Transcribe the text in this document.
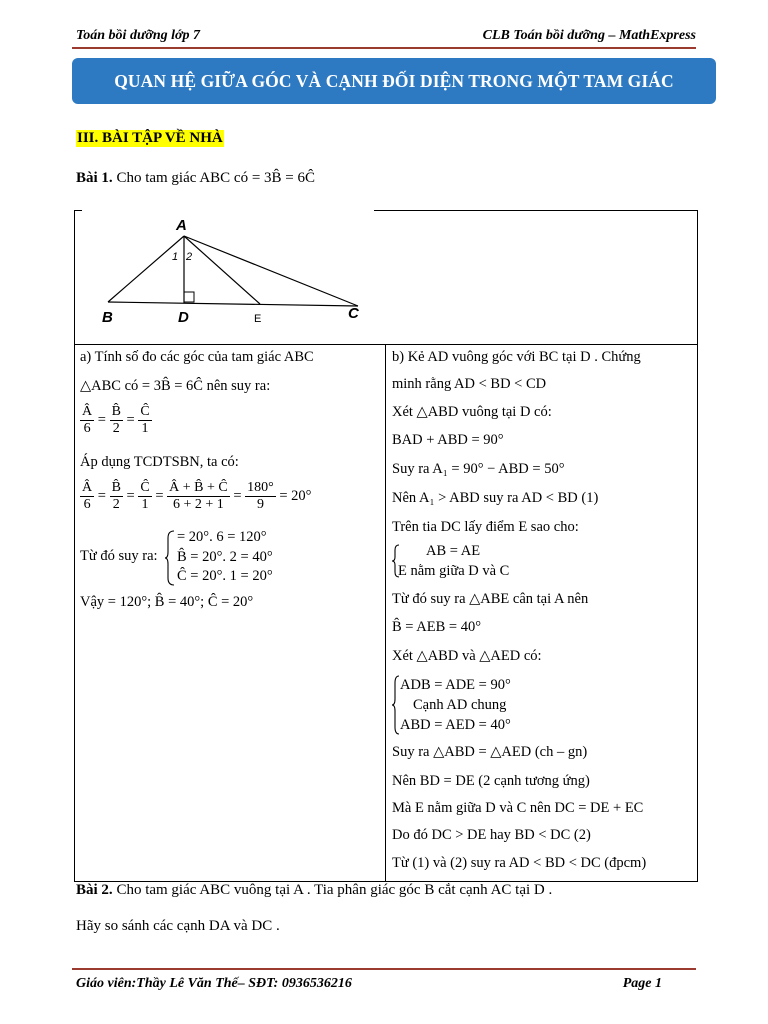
Toán bồi dưỡng lớp 7	CLB Toán bồi dưỡng – MathExpress
QUAN HỆ GIỮA GÓC VÀ CẠNH ĐỐI DIỆN TRONG MỘT TAM GIÁC
III. BÀI TẬP VỀ NHÀ
Bài 1. Cho tam giác ABC có = 3B̂ = 6Ĉ
A
B	D	E	C
1 2
a) Tính số đo các góc của tam giác ABC
△ABC có = 3B̂ = 6Ĉ nên suy ra:
$\frac{Â}{6} = \frac{B̂}{2} = \frac{Ĉ}{1}$
Áp dụng TCDTSBN, ta có:
$\frac{Â}{6} = \frac{B̂}{2} = \frac{Ĉ}{1} = \frac{Â + B̂ + Ĉ}{6 + 2 + 1} = \frac{180^\circ}{9} = 20^\circ$
Từ đó suy ra:
= 20°. 6 = 120°
B̂ = 20°. 2 = 40°
Ĉ = 20°. 1 = 20°
Vậy = 120°; B̂ = 40°; Ĉ = 20°
b) Kẻ AD vuông góc với BC tại D . Chứng
minh rằng AD < BD < CD
Xét △ABD vuông tại D có:
BAD + ABD = 90°
Suy ra A₁ = 90° − ABD = 50°
Nên A₁ > ABD suy ra AD < BD (1)
Trên tia DC lấy điểm E sao cho:
AB = AE
E nằm giữa D và C
Từ đó suy ra △ABE cân tại A nên
B̂ = AEB = 40°
Xét △ABD và △AED có:
ADB = ADE = 90°
Cạnh AD chung
ABD = AED = 40°
Suy ra △ABD = △AED (ch – gn)
Nên BD = DE (2 cạnh tương ứng)
Mà E nằm giữa D và C nên DC = DE + EC
Do đó DC > DE hay BD < DC (2)
Từ (1) và (2) suy ra AD < BD < DC (đpcm)
Bài 2. Cho tam giác ABC vuông tại A . Tia phân giác góc B cắt cạnh AC tại D .
Hãy so sánh các cạnh DA và DC .
Giáo viên:Thầy Lê Văn Thế– SĐT: 0936536216	Page 1
